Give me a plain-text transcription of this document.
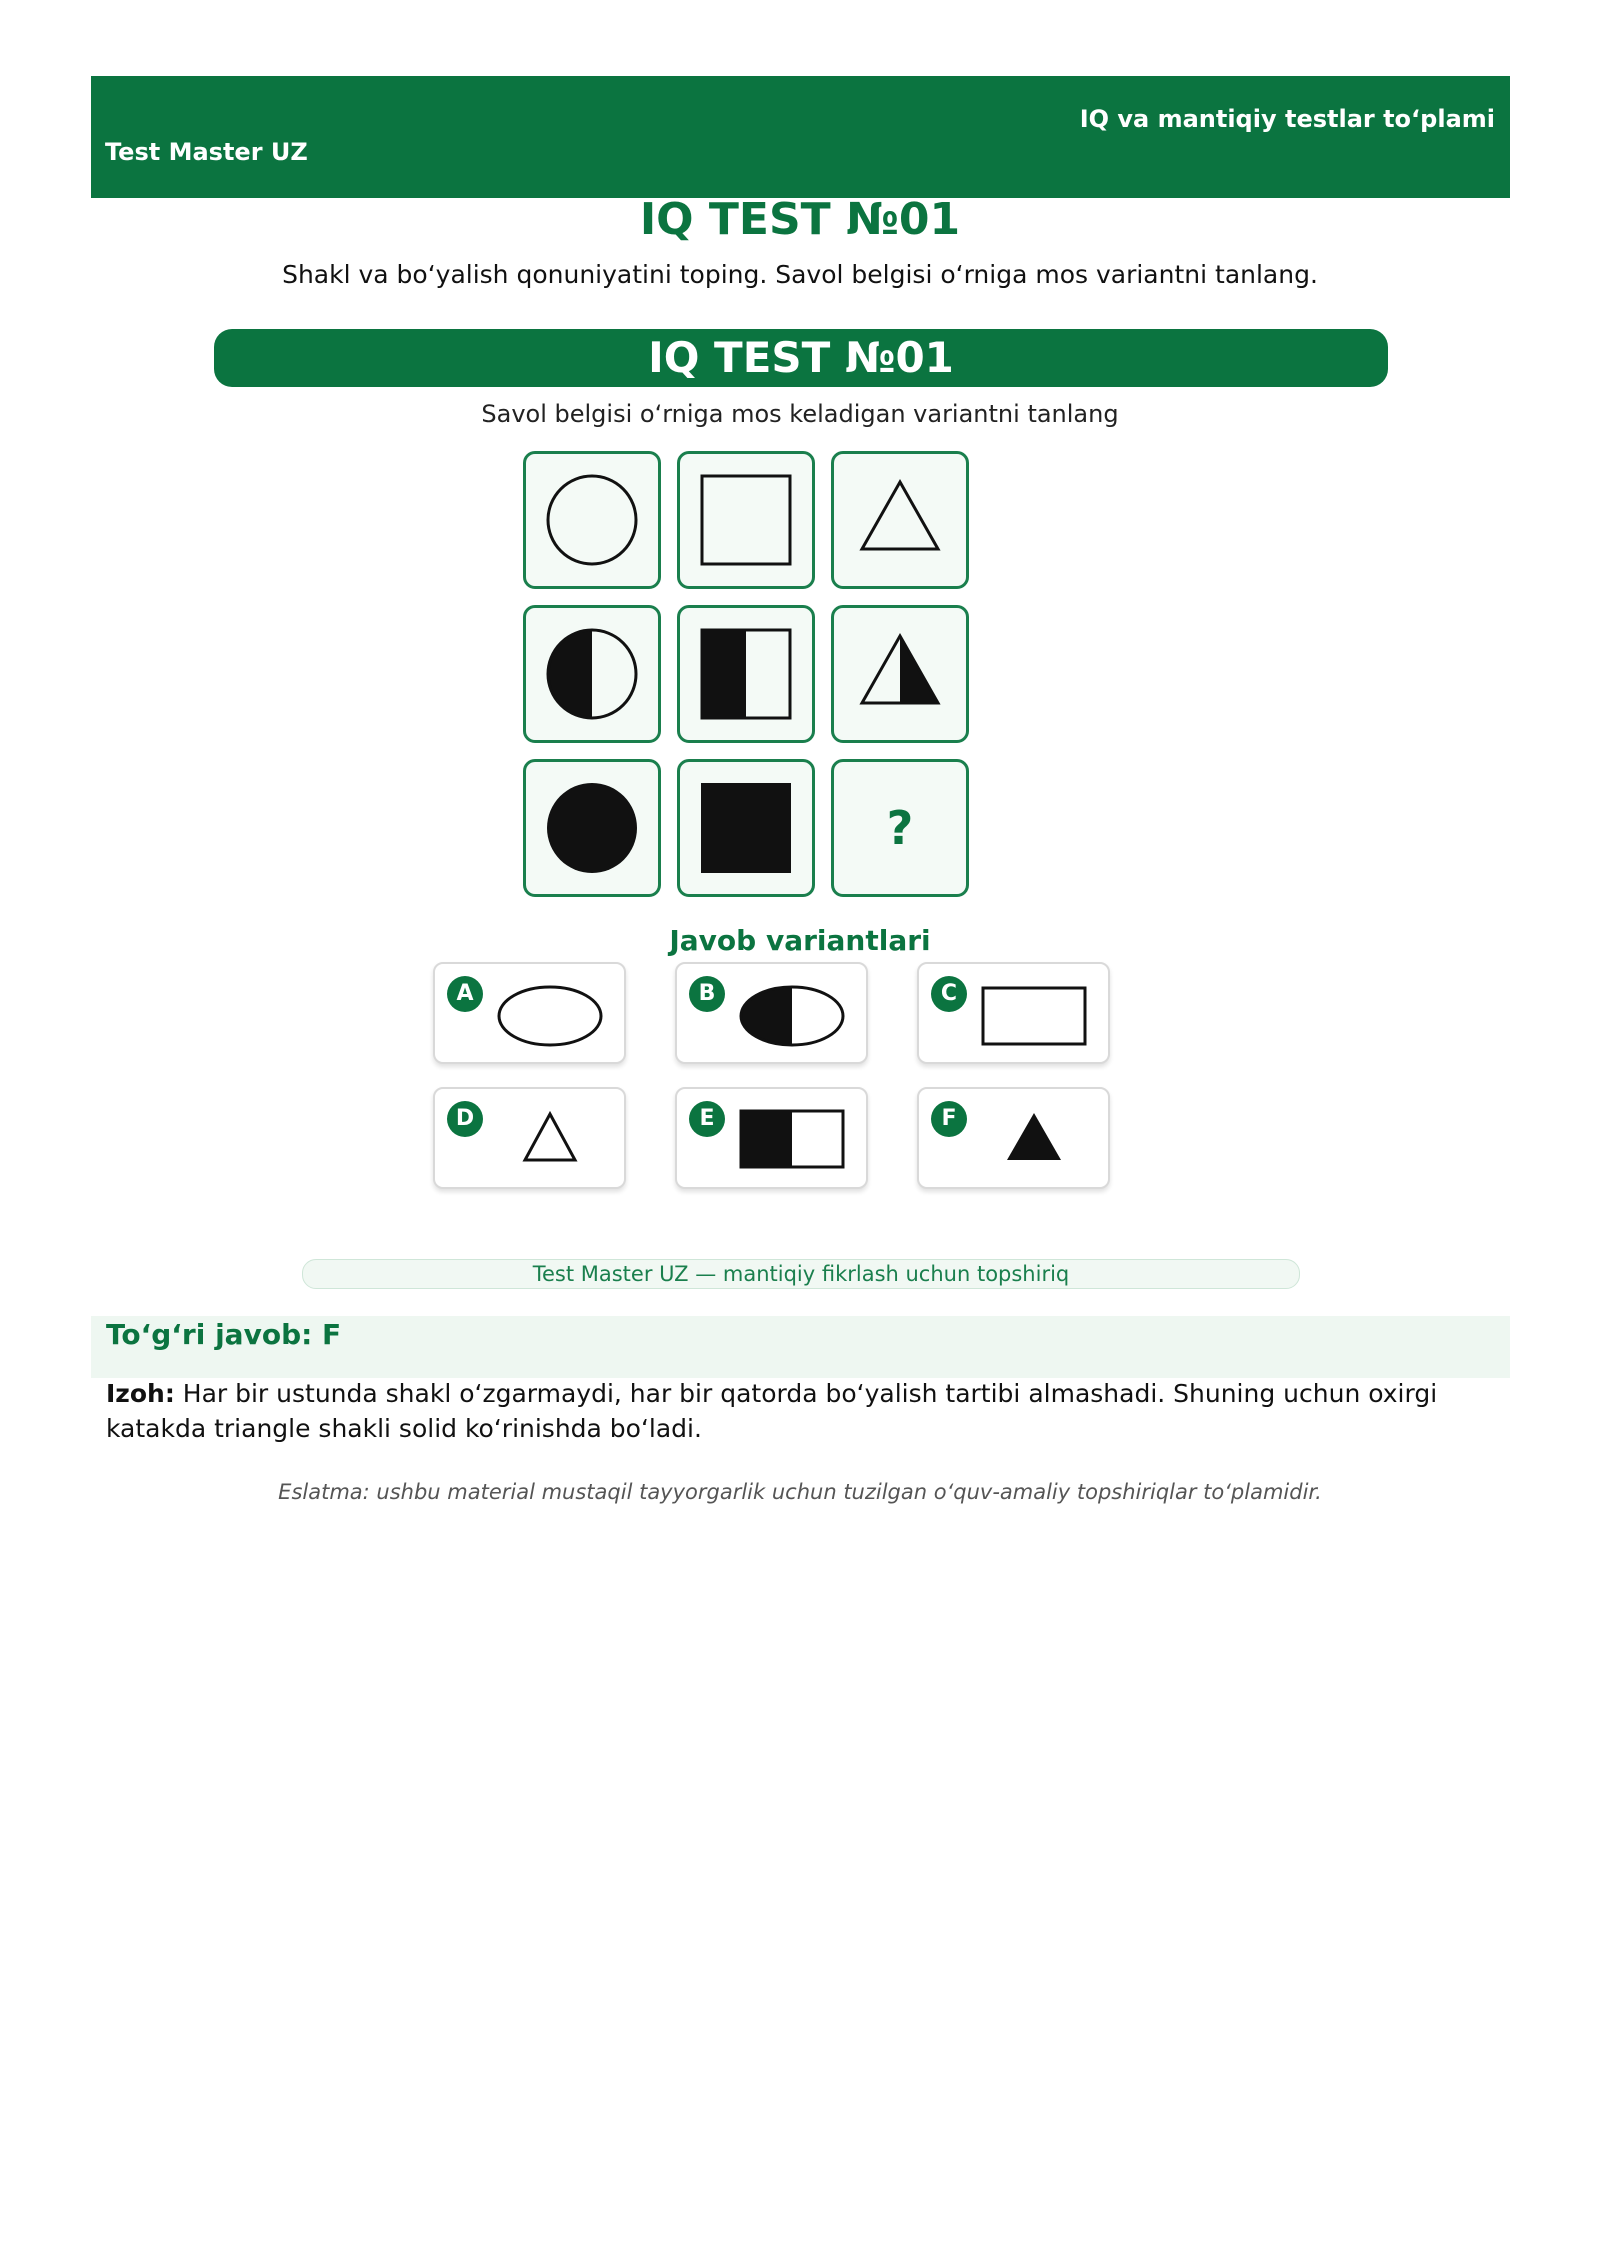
Test Master UZ
IQ va mantiqiy testlar to‘plami
IQ TEST №01
Shakl va bo‘yalish qonuniyatini toping. Savol belgisi o‘rniga mos variantni tanlang.
IQ TEST №01
Savol belgisi o‘rniga mos keladigan variantni tanlang
?
Javob variantlari
A	B	C
D	E	F
Test Master UZ — mantiqiy fikrlash uchun topshiriq
To‘g‘ri javob: F
Izoh: Har bir ustunda shakl o‘zgarmaydi, har bir qatorda bo‘yalish tartibi almashadi. Shuning uchun oxirgi katakda triangle shakli solid ko‘rinishda bo‘ladi.
Eslatma: ushbu material mustaqil tayyorgarlik uchun tuzilgan o‘quv-amaliy topshiriqlar to‘plamidir.
